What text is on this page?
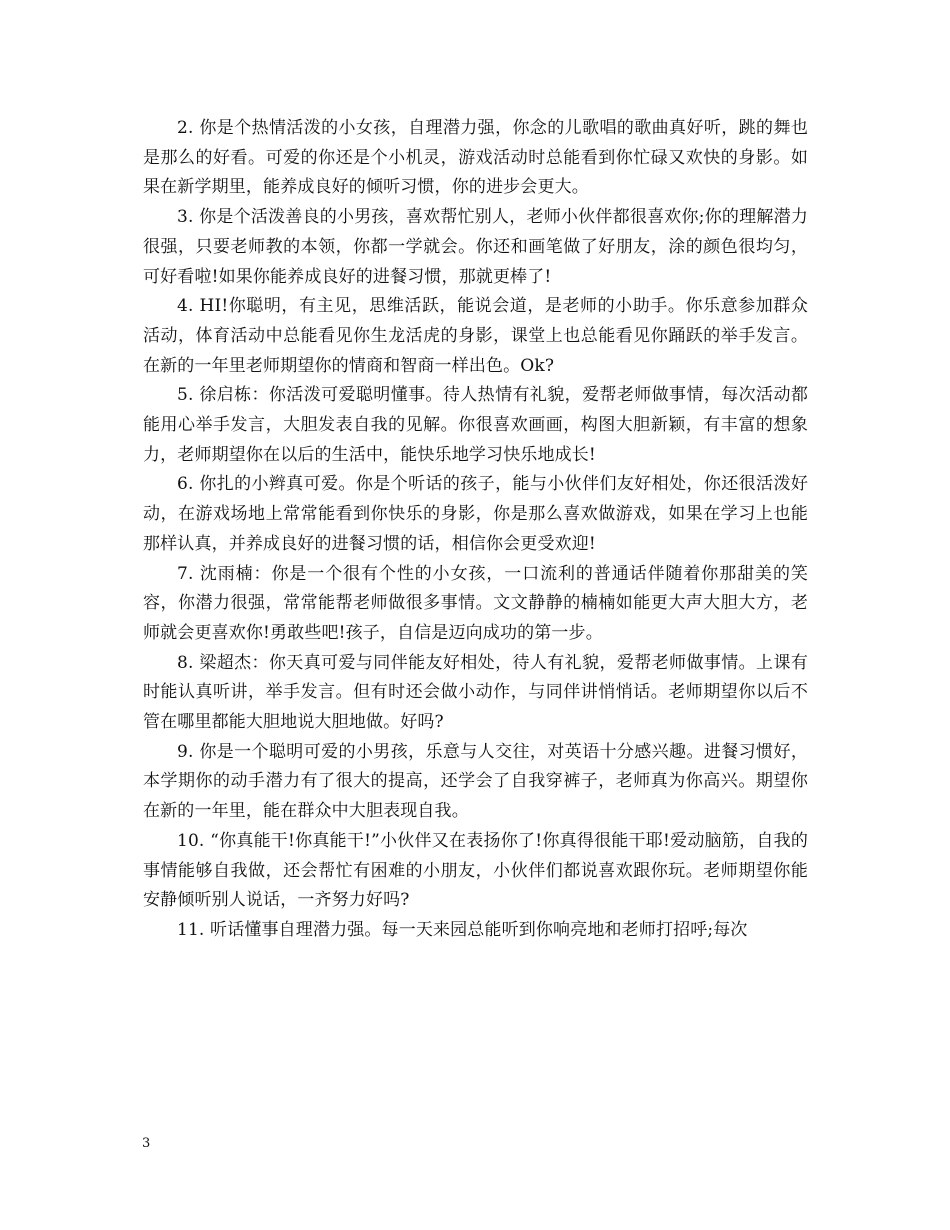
2. 你是个热情活泼的小女孩，自理潜力强，你念的儿歌唱的歌曲真好听，跳的舞也是那么的好看。可爱的你还是个小机灵，游戏活动时总能看到你忙碌又欢快的身影。如果在新学期里，能养成良好的倾听习惯，你的进步会更大。

3. 你是个活泼善良的小男孩，喜欢帮忙别人，老师小伙伴都很喜欢你;你的理解潜力很强，只要老师教的本领，你都一学就会。你还和画笔做了好朋友，涂的颜色很均匀，可好看啦!如果你能养成良好的进餐习惯，那就更棒了!

4. HI!你聪明，有主见，思维活跃，能说会道，是老师的小助手。你乐意参加群众活动，体育活动中总能看见你生龙活虎的身影，课堂上也总能看见你踊跃的举手发言。在新的一年里老师期望你的情商和智商一样出色。Ok?

5. 徐启栋：你活泼可爱聪明懂事。待人热情有礼貌，爱帮老师做事情，每次活动都能用心举手发言，大胆发表自我的见解。你很喜欢画画，构图大胆新颖，有丰富的想象力，老师期望你在以后的生活中，能快乐地学习快乐地成长!

6. 你扎的小辫真可爱。你是个听话的孩子，能与小伙伴们友好相处，你还很活泼好动，在游戏场地上常常能看到你快乐的身影，你是那么喜欢做游戏，如果在学习上也能那样认真，并养成良好的进餐习惯的话，相信你会更受欢迎!

7. 沈雨楠：你是一个很有个性的小女孩，一口流利的普通话伴随着你那甜美的笑容，你潜力很强，常常能帮老师做很多事情。文文静静的楠楠如能更大声大胆大方，老师就会更喜欢你!勇敢些吧!孩子，自信是迈向成功的第一步。

8. 梁超杰：你天真可爱与同伴能友好相处，待人有礼貌，爱帮老师做事情。上课有时能认真听讲，举手发言。但有时还会做小动作，与同伴讲悄悄话。老师期望你以后不管在哪里都能大胆地说大胆地做。好吗?

9. 你是一个聪明可爱的小男孩，乐意与人交往，对英语十分感兴趣。进餐习惯好，本学期你的动手潜力有了很大的提高，还学会了自我穿裤子，老师真为你高兴。期望你在新的一年里，能在群众中大胆表现自我。

10. “你真能干!你真能干!”小伙伴又在表扬你了!你真得很能干耶!爱动脑筋，自我的事情能够自我做，还会帮忙有困难的小朋友，小伙伴们都说喜欢跟你玩。老师期望你能安静倾听别人说话，一齐努力好吗?

11. 听话懂事自理潜力强。每一天来园总能听到你响亮地和老师打招呼;每次

3
